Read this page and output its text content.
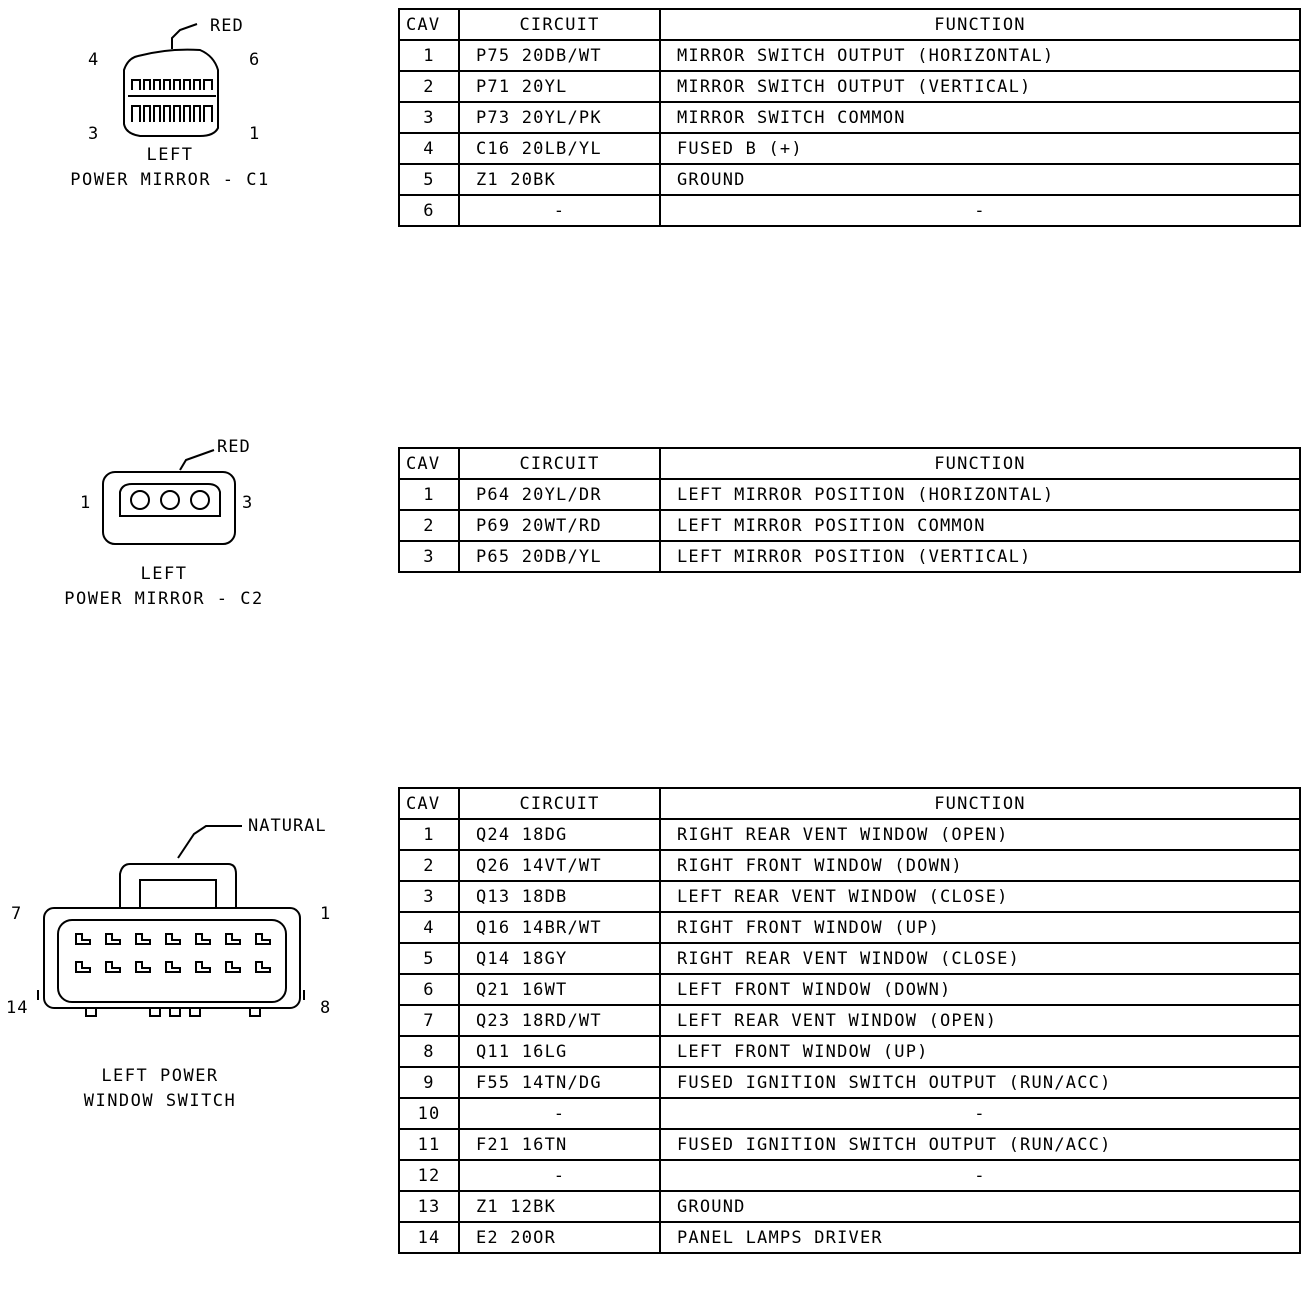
RED
4	6
3	1
LEFT
POWER MIRROR - C1
CAV	CIRCUIT	FUNCTION
1	P75 20DB/WT	MIRROR SWITCH OUTPUT (HORIZONTAL)
2	P71 20YL	MIRROR SWITCH OUTPUT (VERTICAL)
3	P73 20YL/PK	MIRROR SWITCH COMMON
4	C16 20LB/YL	FUSED B (+)
5	Z1 20BK	GROUND
6	-	-
RED
1	3
LEFT
POWER MIRROR - C2
CAV	CIRCUIT	FUNCTION
1	P64 20YL/DR	LEFT MIRROR POSITION (HORIZONTAL)
2	P69 20WT/RD	LEFT MIRROR POSITION COMMON
3	P65 20DB/YL	LEFT MIRROR POSITION (VERTICAL)
NATURAL
7	1
14	8
LEFT POWER
WINDOW SWITCH
CAV	CIRCUIT	FUNCTION
1	Q24 18DG	RIGHT REAR VENT WINDOW (OPEN)
2	Q26 14VT/WT	RIGHT FRONT WINDOW (DOWN)
3	Q13 18DB	LEFT REAR VENT WINDOW (CLOSE)
4	Q16 14BR/WT	RIGHT FRONT WINDOW (UP)
5	Q14 18GY	RIGHT REAR VENT WINDOW (CLOSE)
6	Q21 16WT	LEFT FRONT WINDOW (DOWN)
7	Q23 18RD/WT	LEFT REAR VENT WINDOW (OPEN)
8	Q11 16LG	LEFT FRONT WINDOW (UP)
9	F55 14TN/DG	FUSED IGNITION SWITCH OUTPUT (RUN/ACC)
10	-	-
11	F21 16TN	FUSED IGNITION SWITCH OUTPUT (RUN/ACC)
12	-	-
13	Z1 12BK	GROUND
14	E2 20OR	PANEL LAMPS DRIVER
